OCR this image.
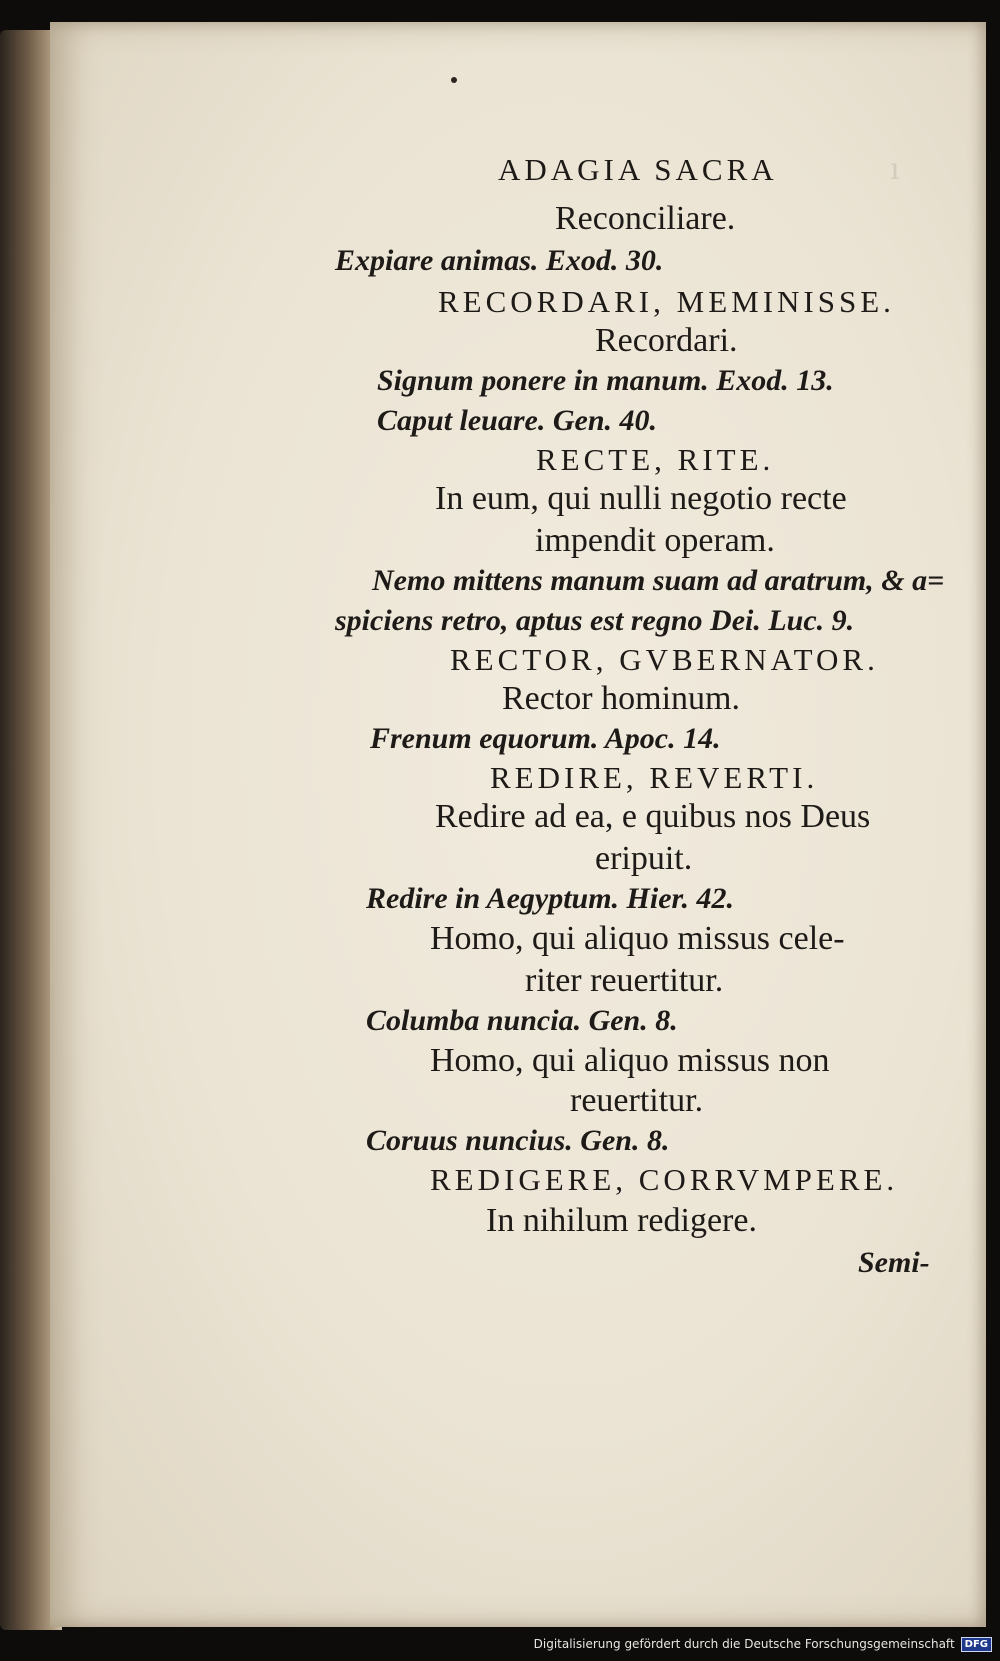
ı
ADAGIA SACRA
Reconciliare.
Expiare animas. Exod. 30.
RECORDARI, MEMINISSE.
Recordari.
Signum ponere in manum. Exod. 13.
Caput leuare. Gen. 40.
RECTE, RITE.
In eum, qui nulli negotio recte
impendit operam.
Nemo mittens manum suam ad aratrum, & a=
spiciens retro, aptus est regno Dei. Luc. 9.
RECTOR, GVBERNATOR.
Rector hominum.
Frenum equorum. Apoc. 14.
REDIRE, REVERTI.
Redire ad ea, e quibus nos Deus
eripuit.
Redire in Aegyptum. Hier. 42.
Homo, qui aliquo missus cele-
riter reuertitur.
Columba nuncia. Gen. 8.
Homo, qui aliquo missus non
reuertitur.
Coruus nuncius. Gen. 8.
REDIGERE, CORRVMPERE.
In nihilum redigere.
Semi-
Digitalisierung gefördert durch die Deutsche Forschungsgemeinschaft	DFG
